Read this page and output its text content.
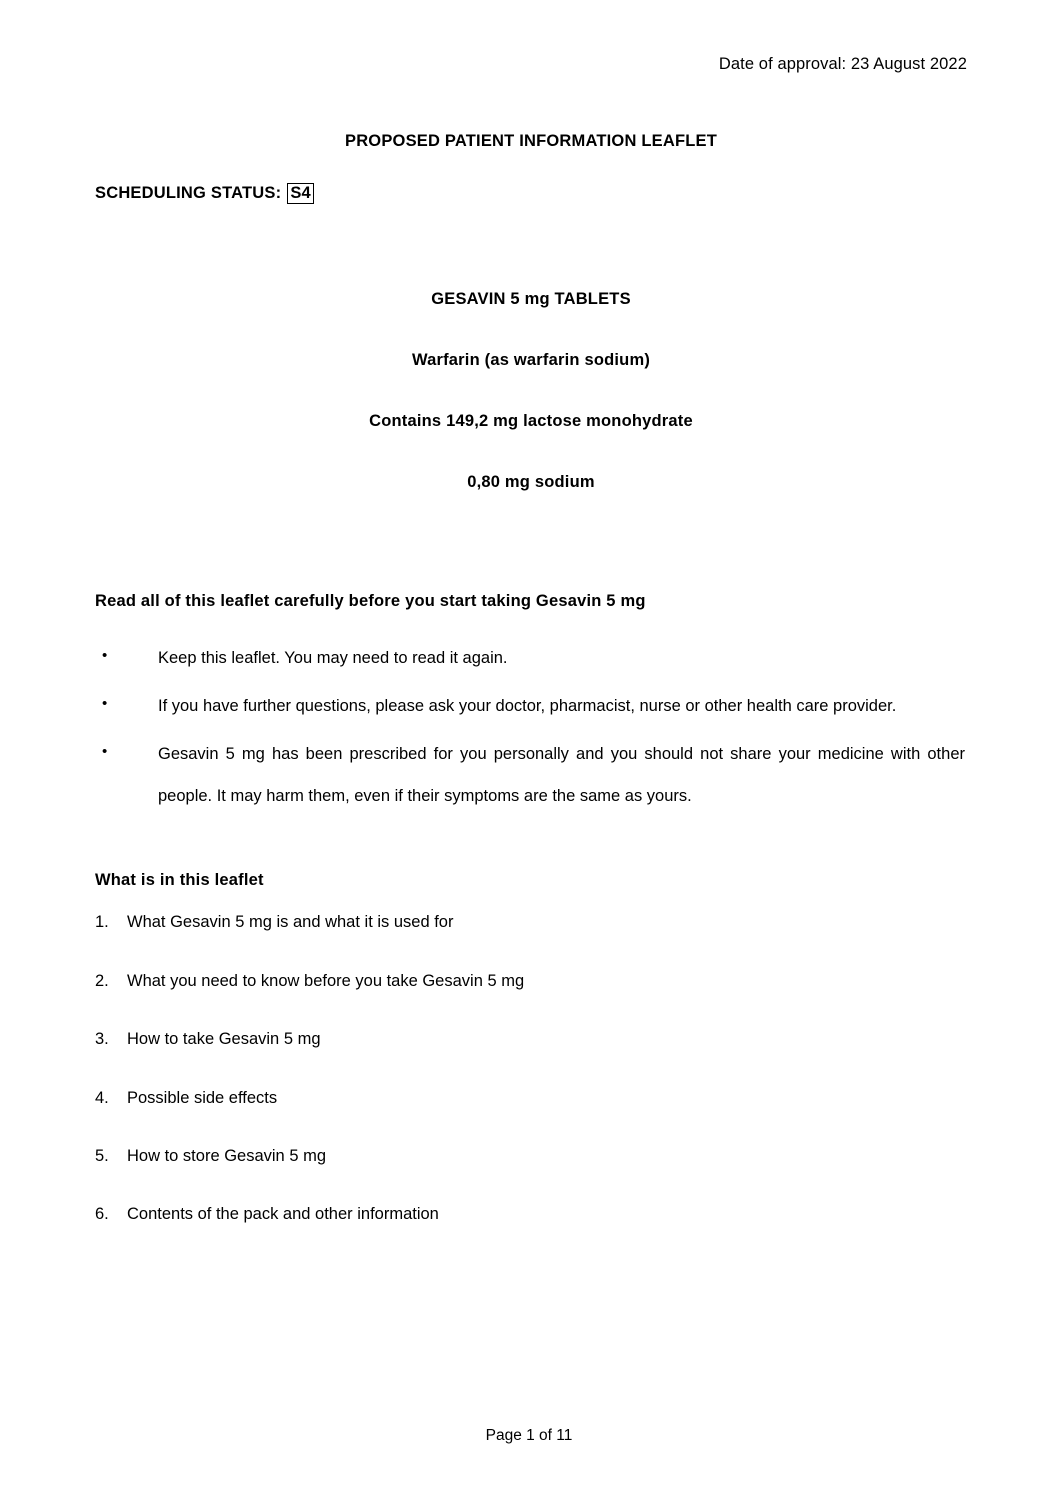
Date of approval: 23 August 2022
PROPOSED PATIENT INFORMATION LEAFLET
SCHEDULING STATUS: S4
GESAVIN 5 mg TABLETS
Warfarin (as warfarin sodium)
Contains 149,2 mg lactose monohydrate
0,80 mg sodium
Read all of this leaflet carefully before you start taking Gesavin 5 mg
• Keep this leaflet. You may need to read it again.
• If you have further questions, please ask your doctor, pharmacist, nurse or other health care provider.
• Gesavin 5 mg has been prescribed for you personally and you should not share your medicine with other people. It may harm them, even if their symptoms are the same as yours.
What is in this leaflet
1. What Gesavin 5 mg is and what it is used for
2. What you need to know before you take Gesavin 5 mg
3. How to take Gesavin 5 mg
4. Possible side effects
5. How to store Gesavin 5 mg
6. Contents of the pack and other information
Page 1 of 11
